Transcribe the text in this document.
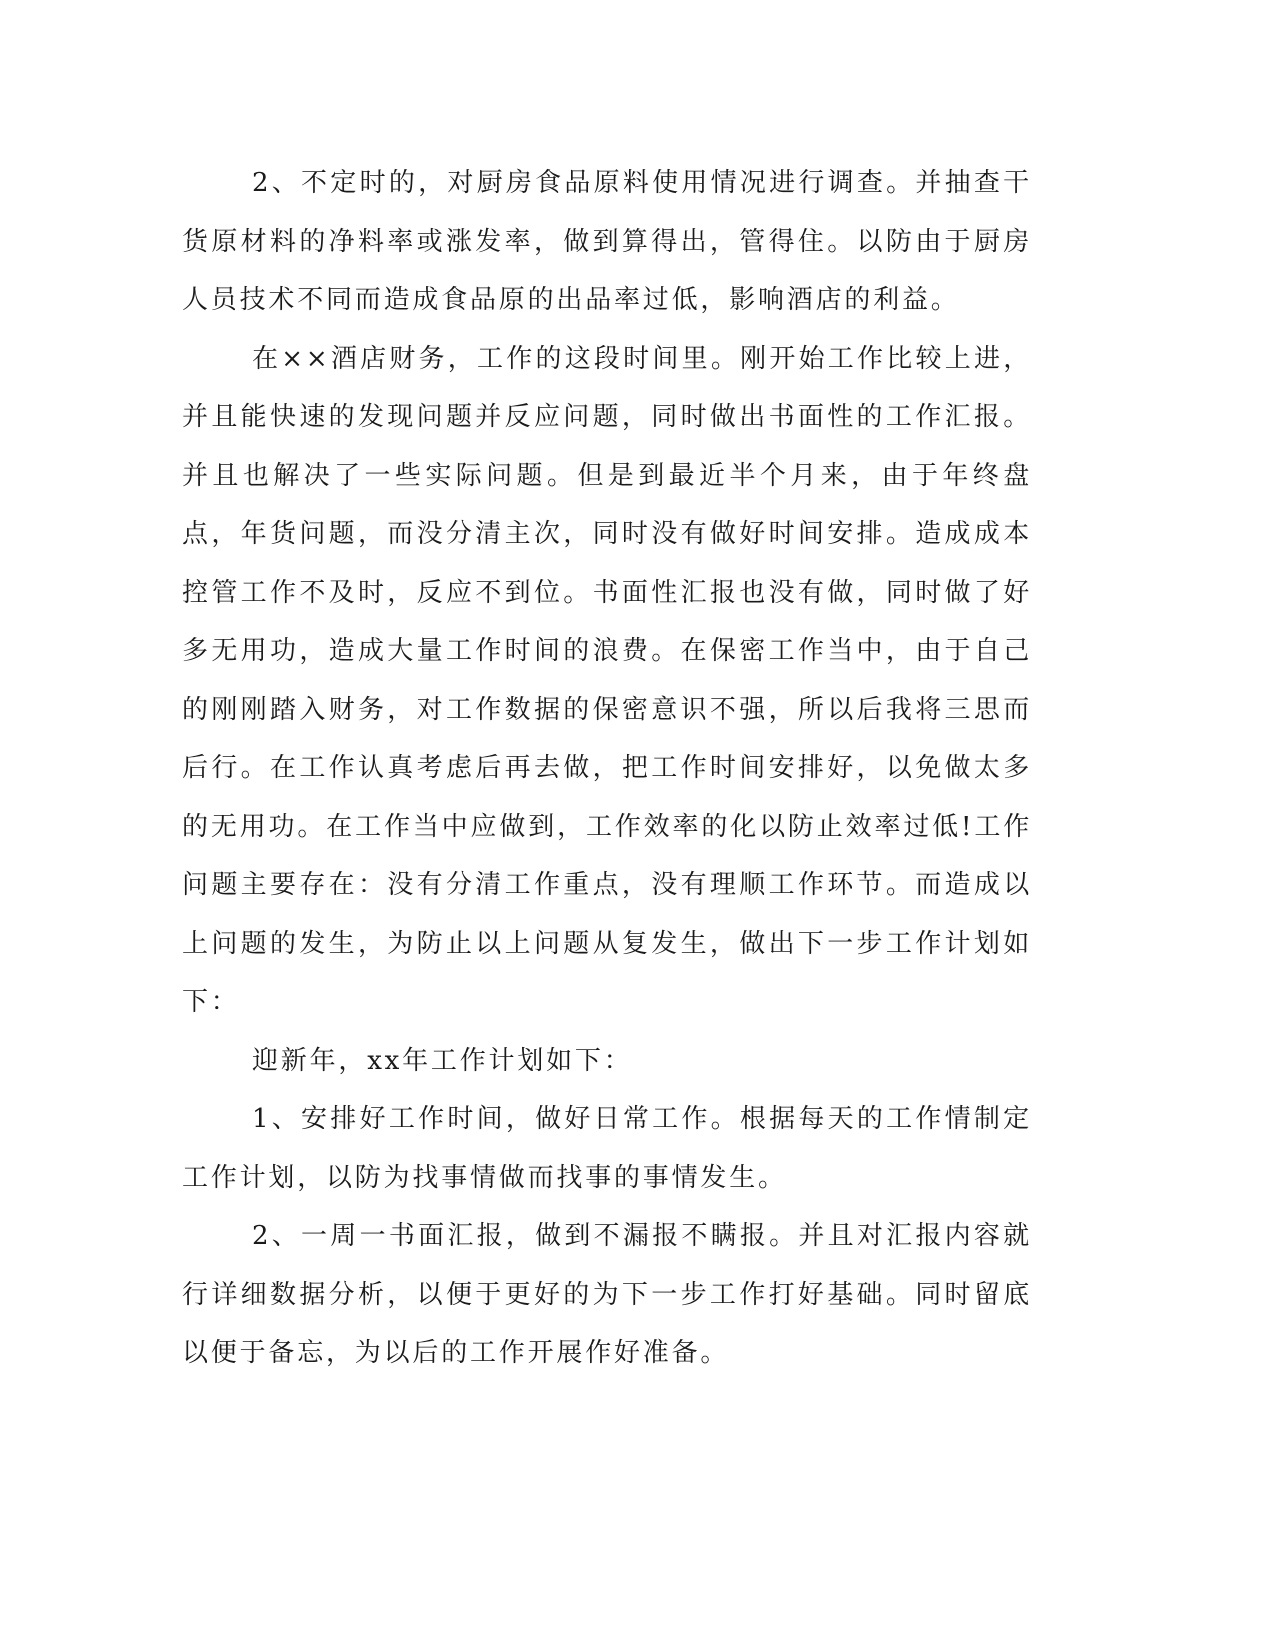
2、不定时的，对厨房食品原料使用情况进行调查。并抽查干货原材料的净料率或涨发率，做到算得出，管得住。以防由于厨房人员技术不同而造成食品原的出品率过低，影响酒店的利益。

在××酒店财务，工作的这段时间里。刚开始工作比较上进，并且能快速的发现问题并反应问题，同时做出书面性的工作汇报。并且也解决了一些实际问题。但是到最近半个月来，由于年终盘点，年货问题，而没分清主次，同时没有做好时间安排。造成成本控管工作不及时，反应不到位。书面性汇报也没有做，同时做了好多无用功，造成大量工作时间的浪费。在保密工作当中，由于自己的刚刚踏入财务，对工作数据的保密意识不强，所以后我将三思而后行。在工作认真考虑后再去做，把工作时间安排好，以免做太多的无用功。在工作当中应做到，工作效率的化以防止效率过低!工作问题主要存在：没有分清工作重点，没有理顺工作环节。而造成以上问题的发生，为防止以上问题从复发生，做出下一步工作计划如下：

迎新年，xx年工作计划如下：

1、安排好工作时间，做好日常工作。根据每天的工作情制定工作计划，以防为找事情做而找事的事情发生。

2、一周一书面汇报，做到不漏报不瞒报。并且对汇报内容就行详细数据分析，以便于更好的为下一步工作打好基础。同时留底以便于备忘，为以后的工作开展作好准备。
